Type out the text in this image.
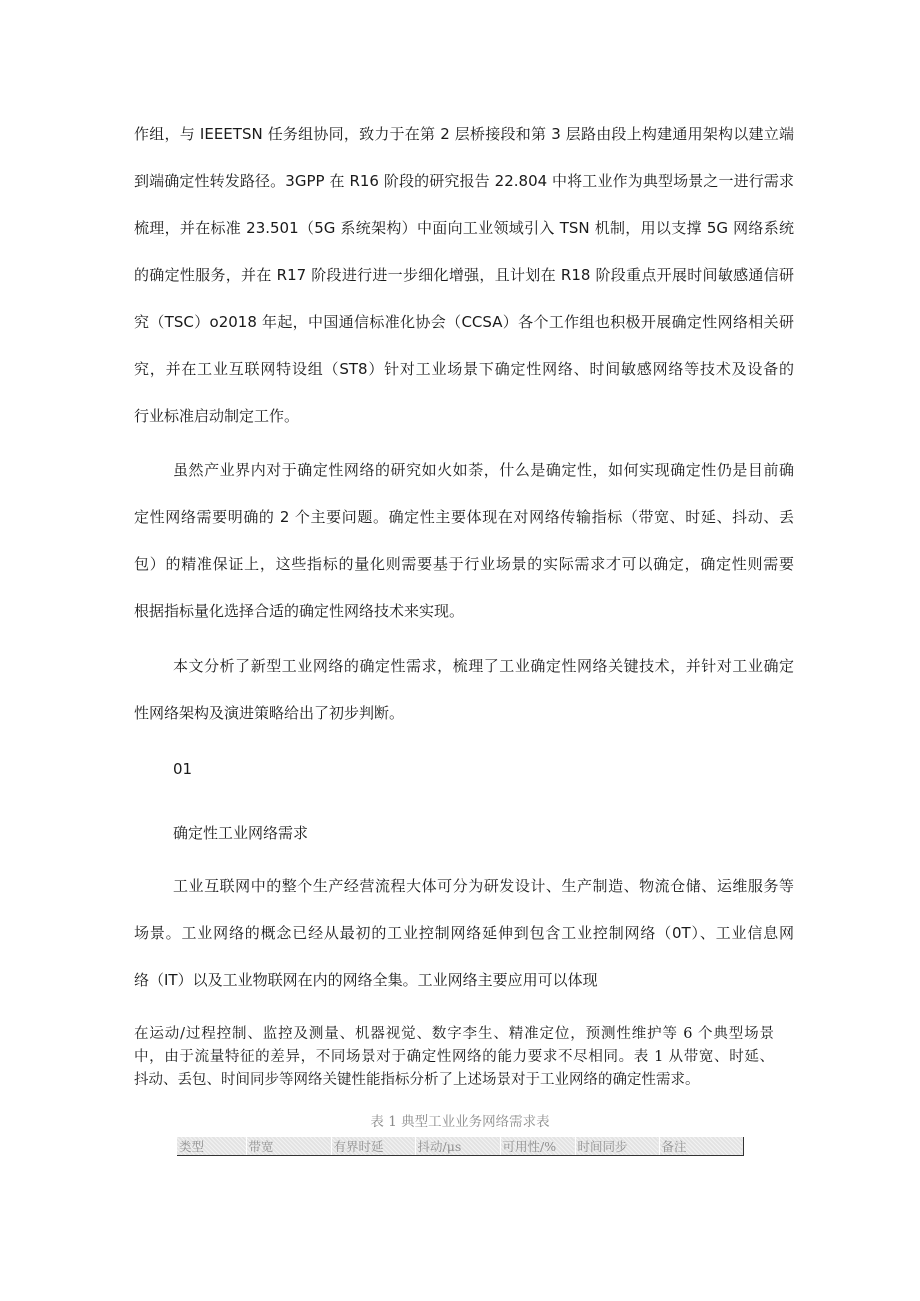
作组，与 IEEETSN 任务组协同，致力于在第 2 层桥接段和第 3 层路由段上构建通用架构以建立端
到端确定性转发路径。3GPP 在 R16 阶段的研究报告 22.804 中将工业作为典型场景之一进行需求
梳理，并在标准 23.501（5G 系统架构）中面向工业领域引入 TSN 机制，用以支撑 5G 网络系统
的确定性服务，并在 R17 阶段进行进一步细化增强，且计划在 R18 阶段重点开展时间敏感通信研
究（TSC）o2018 年起，中国通信标准化协会（CCSA）各个工作组也积极开展确定性网络相关研
究，并在工业互联网特设组（ST8）针对工业场景下确定性网络、时间敏感网络等技术及设备的
行业标准启动制定工作。
虽然产业界内对于确定性网络的研究如火如荼，什么是确定性，如何实现确定性仍是目前确
定性网络需要明确的 2 个主要问题。确定性主要体现在对网络传输指标（带宽、时延、抖动、丢
包）的精准保证上，这些指标的量化则需要基于行业场景的实际需求才可以确定，确定性则需要
根据指标量化选择合适的确定性网络技术来实现。
本文分析了新型工业网络的确定性需求，梳理了工业确定性网络关键技术，并针对工业确定
性网络架构及演进策略给出了初步判断。
01
确定性工业网络需求
工业互联网中的整个生产经营流程大体可分为研发设计、生产制造、物流仓储、运维服务等
场景。工业网络的概念已经从最初的工业控制网络延伸到包含工业控制网络（0T）、工业信息网
络（IT）以及工业物联网在内的网络全集。工业网络主要应用可以体现
在运动/过程控制、监控及测量、机器视觉、数字李生、精准定位，预测性维护等 6 个典型场景
中，由于流量特征的差异，不同场景对于确定性网络的能力要求不尽相同。表 1 从带宽、时延、
抖动、丢包、时间同步等网络关键性能指标分析了上述场景对于工业网络的确定性需求。
表 1 典型工业业务网络需求表
类型	带宽	有界时延	抖动/μs	可用性/%	时间同步	备注
